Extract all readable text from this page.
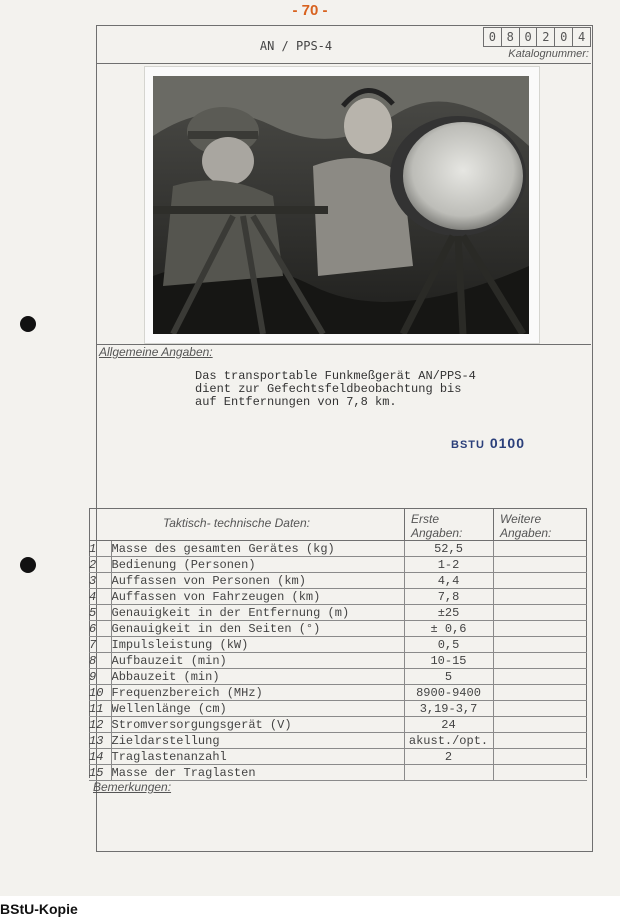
- 70 -
AN / PPS-4
0 8 0 2 0 4
Katalognummer:
Allgemeine Angaben:
Das transportable Funkmeßgerät AN/PPS-4
dient zur Gefechtsfeldbeobachtung bis
auf Entfernungen von 7,8 km.
BSTU 0100
Taktisch- technische Daten:	Erste
Angaben:
Weitere
Angaben:
1	Masse des gesamten Gerätes (kg)	52,5	
2	Bedienung (Personen)	1-2	
3	Auffassen von Personen (km)	4,4	
4	Auffassen von Fahrzeugen (km)	7,8	
5	Genauigkeit in der Entfernung (m)	±25	
6	Genauigkeit in den Seiten (°)	± 0,6	
7	Impulsleistung (kW)	0,5	
8	Aufbauzeit (min)	10-15	
9	Abbauzeit (min)	5	
10	Frequenzbereich (MHz)	8900-9400	
11	Wellenlänge (cm)	3,19-3,7	
12	Stromversorgungsgerät (V)	24	
13	Zieldarstellung	akust./opt.	
14	Traglastenanzahl	2	
15	Masse der Traglasten		
Bemerkungen:
BStU-Kopie
